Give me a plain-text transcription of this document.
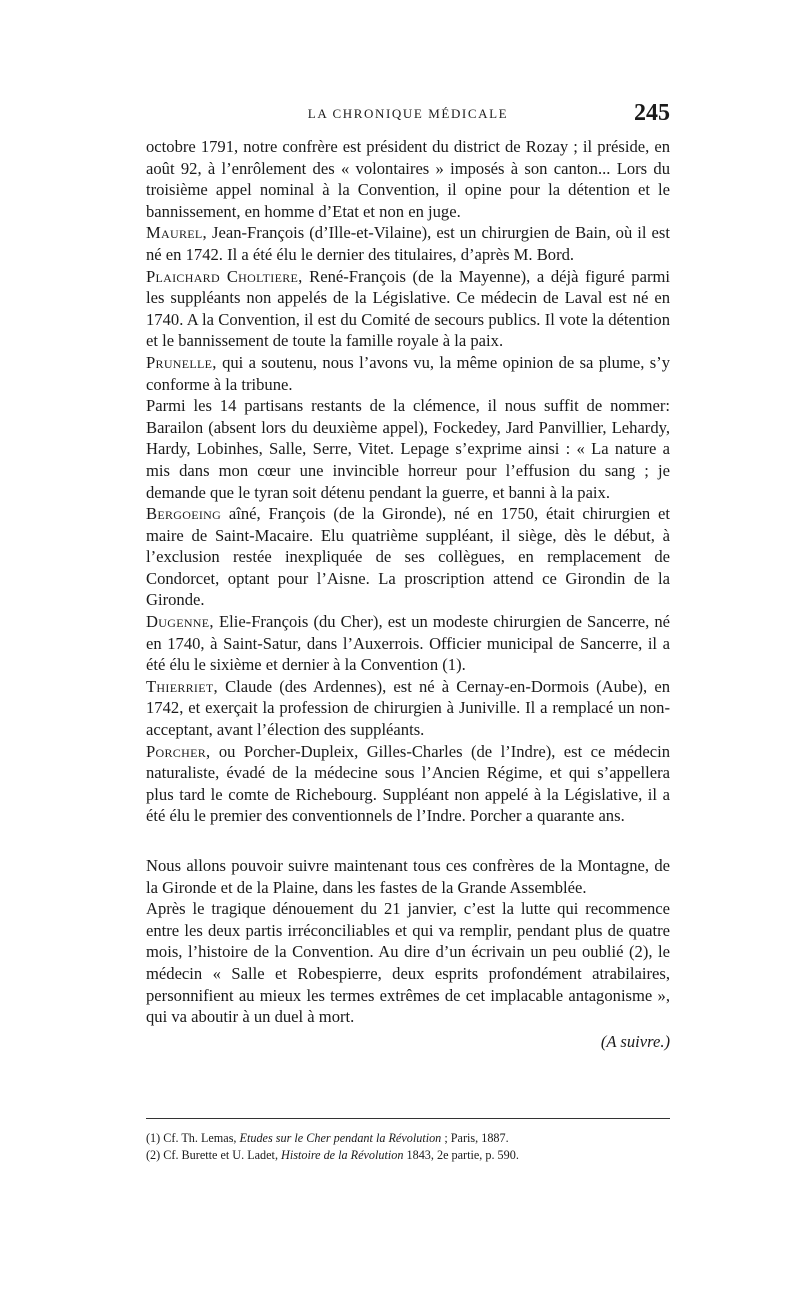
LA CHRONIQUE MÉDICALE	245

octobre 1791, notre confrère est président du district de Rozay ; il préside, en août 92, à l’enrôlement des « volontaires » imposés à son canton... Lors du troisième appel nominal à la Convention, il opine pour la détention et le bannissement, en homme d’Etat et non en juge.

Maurel, Jean-François (d’Ille-et-Vilaine), est un chirurgien de Bain, où il est né en 1742. Il a été élu le dernier des titulaires, d’après M. Bord.

Plaichard Choltiere, René-François (de la Mayenne), a déjà figuré parmi les suppléants non appelés de la Législative. Ce médecin de Laval est né en 1740. A la Convention, il est du Comité de secours publics. Il vote la détention et le bannissement de toute la famille royale à la paix.

Prunelle, qui a soutenu, nous l’avons vu, la même opinion de sa plume, s’y conforme à la tribune.

Parmi les 14 partisans restants de la clémence, il nous suffit de nommer: Barailon (absent lors du deuxième appel), Fockedey, Jard Panvillier, Lehardy, Hardy, Lobinhes, Salle, Serre, Vitet. Lepage s’exprime ainsi : « La nature a mis dans mon cœur une invincible horreur pour l’effusion du sang ; je demande que le tyran soit détenu pendant la guerre, et banni à la paix.

Bergoeing aîné, François (de la Gironde), né en 1750, était chirurgien et maire de Saint-Macaire. Elu quatrième suppléant, il siège, dès le début, à l’exclusion restée inexpliquée de ses collègues, en remplacement de Condorcet, optant pour l’Aisne. La proscription attend ce Girondin de la Gironde.

Dugenne, Elie-François (du Cher), est un modeste chirurgien de Sancerre, né en 1740, à Saint-Satur, dans l’Auxerrois. Officier municipal de Sancerre, il a été élu le sixième et dernier à la Convention (1).

Thierriet, Claude (des Ardennes), est né à Cernay-en-Dormois (Aube), en 1742, et exerçait la profession de chirurgien à Juniville. Il a remplacé un non-acceptant, avant l’élection des suppléants.

Porcher, ou Porcher-Dupleix, Gilles-Charles (de l’Indre), est ce médecin naturaliste, évadé de la médecine sous l’Ancien Régime, et qui s’appellera plus tard le comte de Richebourg. Suppléant non appelé à la Législative, il a été élu le premier des conventionnels de l’Indre. Porcher a quarante ans.

Nous allons pouvoir suivre maintenant tous ces confrères de la Montagne, de la Gironde et de la Plaine, dans les fastes de la Grande Assemblée.

Après le tragique dénouement du 21 janvier, c’est la lutte qui recommence entre les deux partis irréconciliables et qui va remplir, pendant plus de quatre mois, l’histoire de la Convention. Au dire d’un écrivain un peu oublié (2), le médecin « Salle et Robespierre, deux esprits profondément atrabilaires, personnifient au mieux les termes extrêmes de cet implacable antagonisme », qui va aboutir à un duel à mort.

(A suivre.)

(1) Cf. Th. Lemas, Etudes sur le Cher pendant la Révolution ; Paris, 1887.

(2) Cf. Burette et U. Ladet, Histoire de la Révolution 1843, 2e partie, p. 590.
